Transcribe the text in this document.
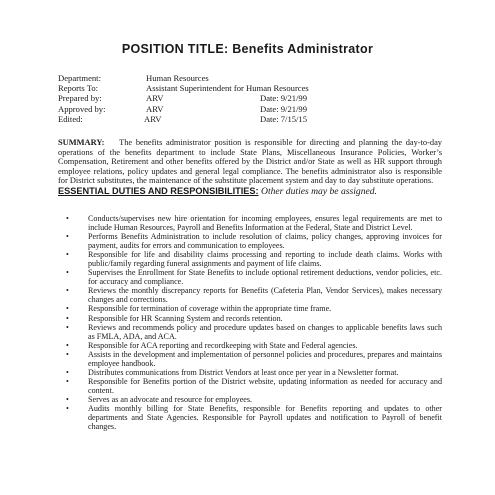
POSITION TITLE: Benefits Administrator
Department:	Human Resources
Reports To:	Assistant Superintendent for Human Resources
Prepared by:	ARV	Date: 9/21/99
Approved by:	ARV	Date: 9/21/99
Edited:	ARV	Date: 7/15/15
SUMMARY: The benefits administrator position is responsible for directing and planning the day-to-day operations of the benefits department to include State Plans, Miscellaneous Insurance Policies, Worker’s Compensation, Retirement and other benefits offered by the District and/or State as well as HR support through employee relations, policy updates and general legal compliance. The benefits administrator also is responsible for District substitutes, the maintenance of the substitute placement system and day to day substitute operations.
ESSENTIAL DUTIES AND RESPONSIBILITIES: Other duties may be assigned.
• Conducts/supervises new hire orientation for incoming employees, ensures legal requirements are met to include Human Resources, Payroll and Benefits Information at the Federal, State and District Level.
• Performs Benefits Administration to include resolution of claims, policy changes, approving invoices for payment, audits for errors and communication to employees.
• Responsible for life and disability claims processing and reporting to include death claims. Works with public/family regarding funeral assignments and payment of life claims.
• Supervises the Enrollment for State Benefits to include optional retirement deductions, vendor policies, etc. for accuracy and compliance.
• Reviews the monthly discrepancy reports for Benefits (Cafeteria Plan, Vendor Services), makes necessary changes and corrections.
• Responsible for termination of coverage within the appropriate time frame.
• Responsible for HR Scanning System and records retention.
• Reviews and recommends policy and procedure updates based on changes to applicable benefits laws such as FMLA, ADA, and ACA.
• Responsible for ACA reporting and recordkeeping with State and Federal agencies.
• Assists in the development and implementation of personnel policies and procedures, prepares and maintains employee handbook.
• Distributes communications from District Vendors at least once per year in a Newsletter format.
• Responsible for Benefits portion of the District website, updating information as needed for accuracy and content.
• Serves as an advocate and resource for employees.
• Audits monthly billing for State Benefits, responsible for Benefits reporting and updates to other departments and State Agencies. Responsible for Payroll updates and notification to Payroll of benefit changes.
